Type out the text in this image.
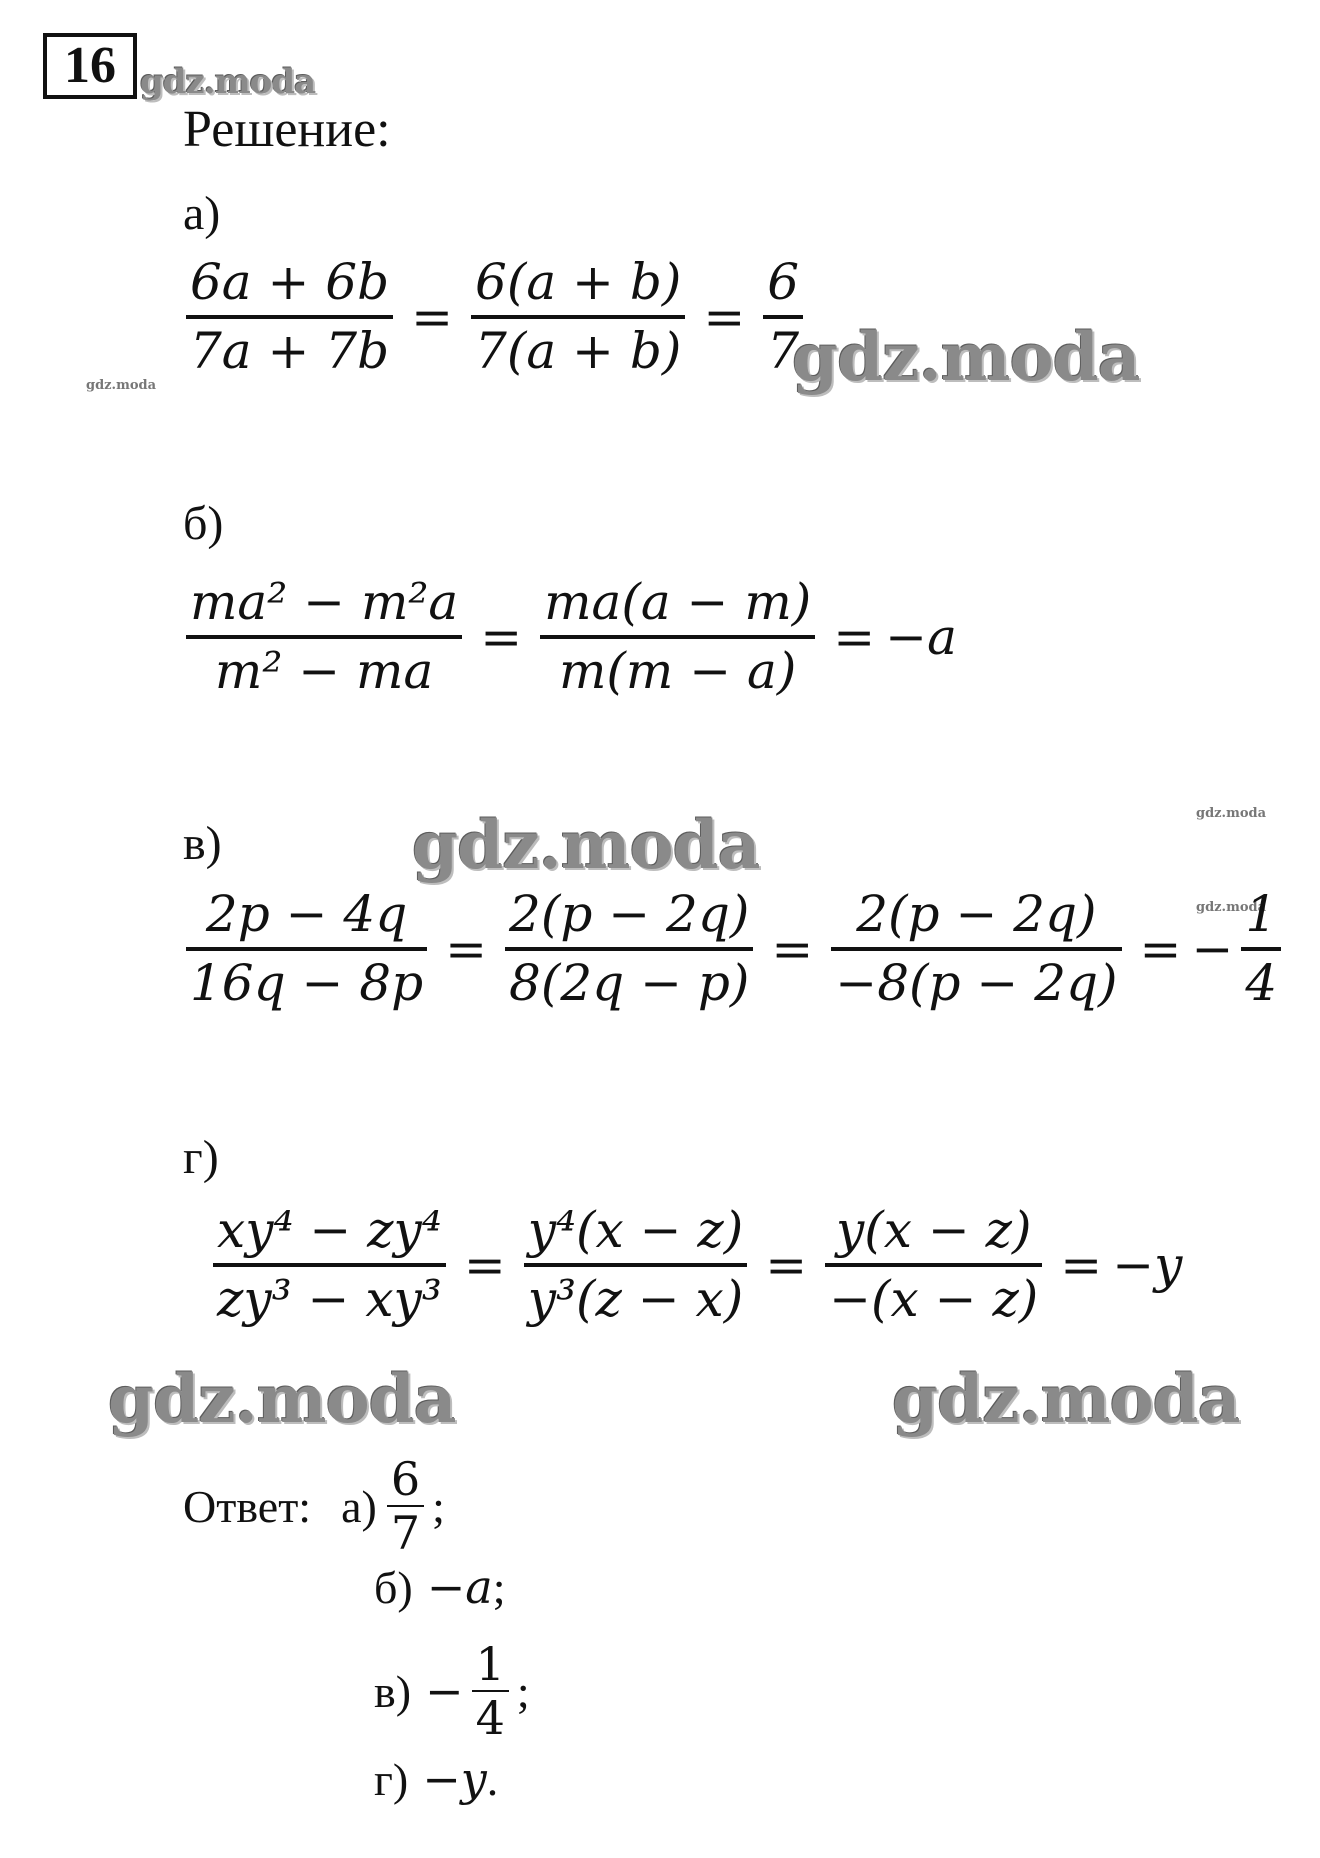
16 gdz.moda
gdz.moda	gdz.moda
gdz.moda	gdz.moda
gdz.moda
gdz.moda	gdz.moda
Решение:
а)
$\frac{6a + 6b}{7a + 7b} = \frac{6(a + b)}{7(a + b)} = \frac{6}{7}$
б)
$\frac{\text{ma² − m²a}}{\text{m² − ma}} = \frac{ma(a - m)}{m(m - a)} = -a$
в)
$\frac{2p - 4q}{16q - 8p} = \frac{2(p - 2q)}{8(2q - p)} = \frac{2(p - 2q)}{-8(p - 2q)}$ = − $\frac{1}{4}$
г)
$\frac{\text{xy⁴ − zy⁴}}{\text{zy³ − xy³}} = \frac{\text{y⁴(x − z)}}{\text{y³(z − x)}} = \frac{y(x - z)}{-(x - z)} = -y$
Ответ: $а) \frac{6}{7}$ ;
б) −a ;
$в) - \frac{1}{4}$ ;
г) −y .
